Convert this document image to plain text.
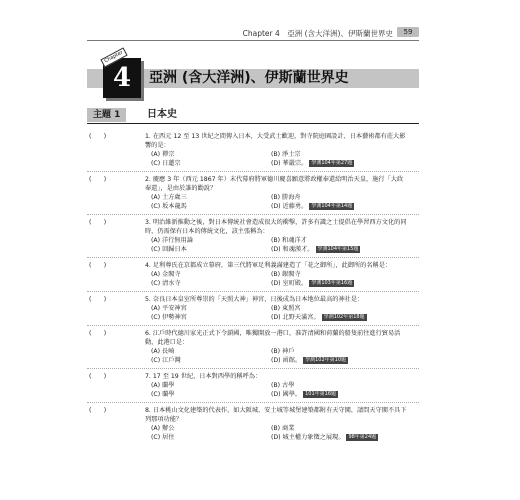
Chapter 4　亞洲 (含大洋洲)、伊斯蘭世界史	59
4
Chapter
亞洲 (含大洋洲)、伊斯蘭世界史
主題 1	日本史
(　　)	1. 在西元 12 至 13 世紀之間傳入日本，大受武士歡迎，對寺院庭園設計、日本藝術都有莊大影響的是：
(A) 禪宗	(B) 淨土宗
(C) 日蓮宗	(D) 華嚴宗。 學測104年第27題
(　　)	2. 慶應 3 年（西元 1867 年）末代幕府將軍德川慶喜願意將政權奉還給明治天皇，施行「大政奉還」，是由於誰的勸說？
(A) 土方歲三	(B) 勝海舟
(C) 坂本龍馬	(D) 近藤勇。 學測104年第14題
(　　)	3. 明治維新推動之後，對日本傳統社會造成很大的衝擊，許多有識之士提倡在學習西方文化的同時，仍需保有日本的傳統文化，該主張稱為：
(A) 洋行無用論	(B) 和魂洋才
(C) 回歸日本	(D) 和魂漢才。 學測104年第15題
(　　)	4. 足利尊氏在京都成立幕府，第三代將軍足利義滿建造了「花之御所」，此御所的名稱是：
(A) 金閣寺	(B) 銀閣寺
(C) 清水寺	(D) 室町殿。 學測103年第16題
(　　)	5. 奈良日本皇室所尊崇的「天照大神」神宮，日後成為日本地位最高的神社是：
(A) 平安神宮	(B) 東照宮
(C) 伊勢神宮	(D) 北野天滿宮。 學測102年第18題
(　　)	6. 江戶時代德川家光正式下令鎖國，唯獨開放一港口，准許清國和荷蘭的船隻前往進行貿易活動，此港口是：
(A) 長崎	(B) 神戶
(C) 江戶灣	(D) 函館。 學測102年第10題
(　　)	7. 17 至 19 世紀，日本對西學的稱呼為：
(A) 蘭學	(B) 古學
(C) 蘭學	(D) 國學。 101年第16題
(　　)	8. 日本桃山文化建築的代表作，如大阪城、安土城等城堡建築都附有天守閣，請問天守閣不具下列那項功能？
(A) 辦公	(B) 商業
(C) 居住	(D) 城主權力象徵之展現。 98年第24題
